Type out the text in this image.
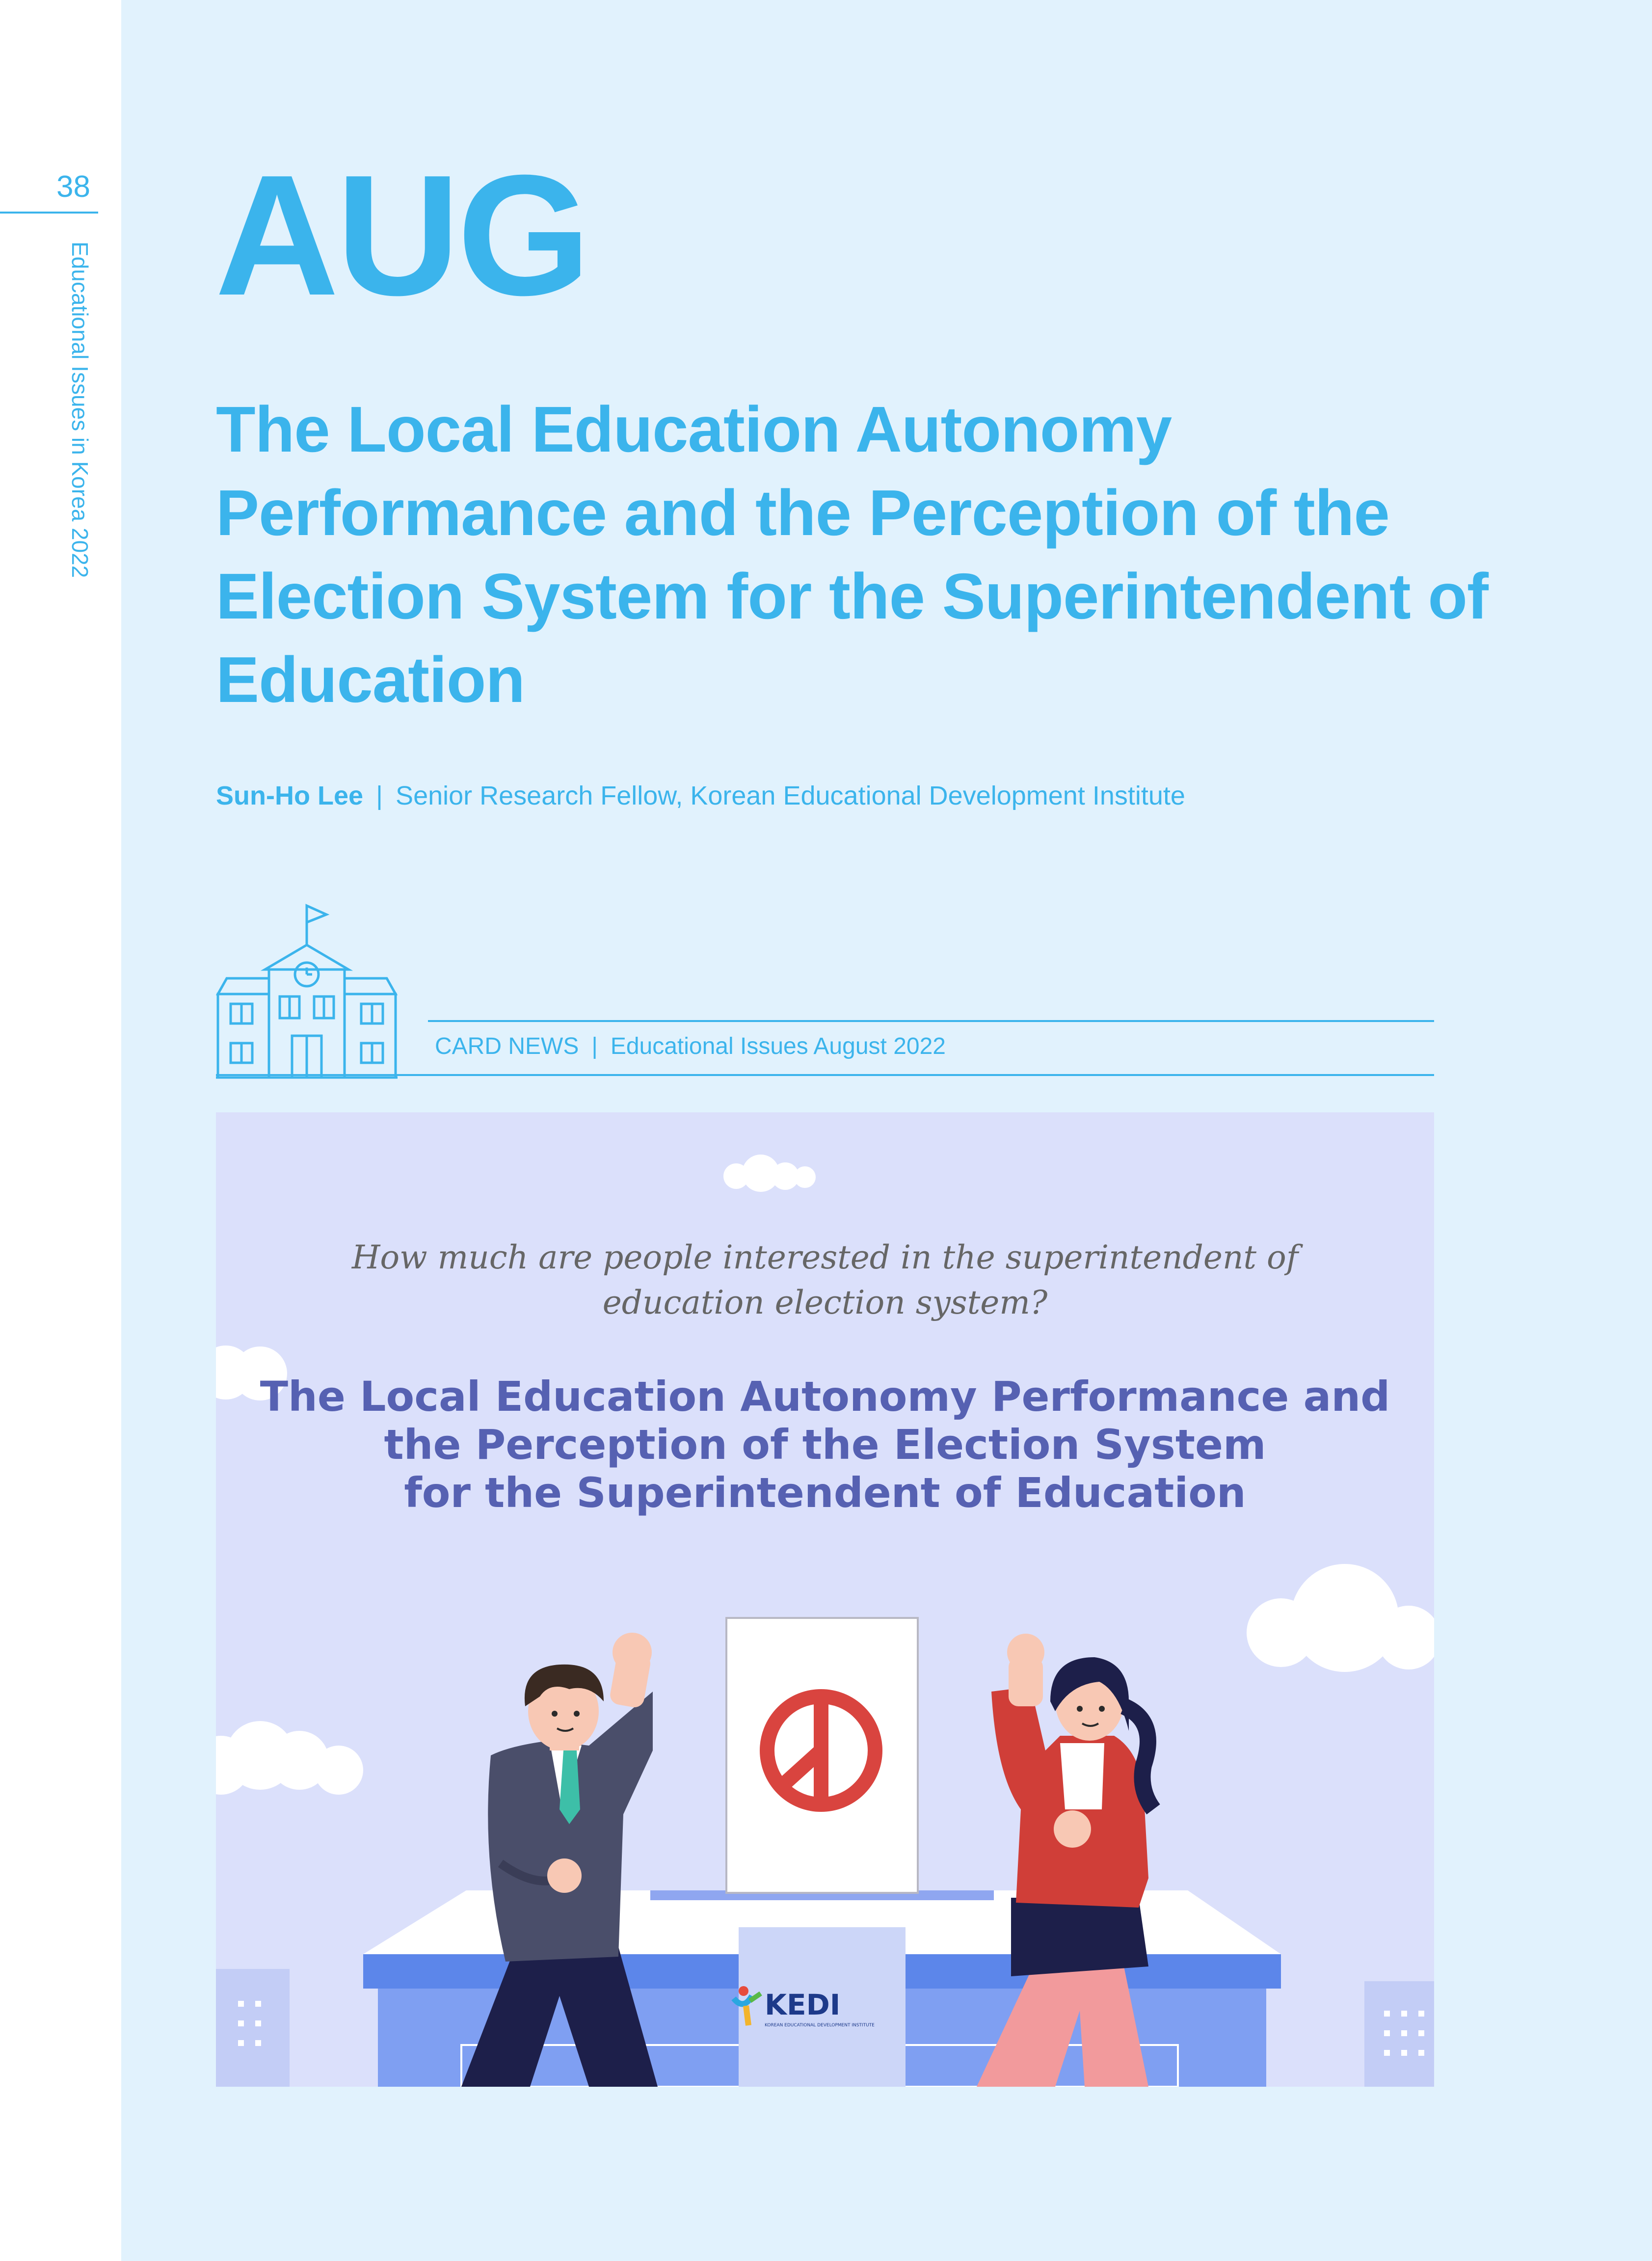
38
Educational Issues in Korea 2022
AUG
The Local Education Autonomy Performance and the Perception of the Election System for the Superintendent of Education
Sun-Ho Lee | Senior Research Fellow, Korean Educational Development Institute
CARD NEWS | Educational Issues August 2022
KEDI
KOREAN EDUCATIONAL DEVELOPMENT INSTITUTE
How much are people interested in the superintendent of
education election system?
The Local Education Autonomy Performance and
the Perception of the Election System
for the Superintendent of Education
